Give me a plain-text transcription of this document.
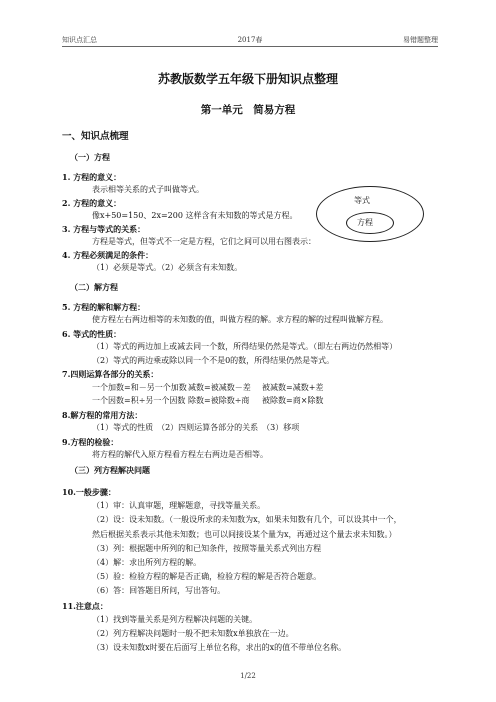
知识点汇总	2017春	易错题整理
苏教版数学五年级下册知识点整理
第一单元　简易方程
一、知识点梳理
（一）方程
1. 方程的意义：
表示相等关系的式子叫做等式。
2. 方程的意义：
像x+50=150、2x=200 这样含有未知数的等式是方程。
3. 方程与等式的关系：
方程是等式，但等式不一定是方程，它们之间可以用右图表示：
4. 方程必须满足的条件：
（1）必须是等式。（2）必须含有未知数。
等式
方程
（二）解方程
5. 方程的解和解方程：
使方程左右两边相等的未知数的值，叫做方程的解。求方程的解的过程叫做解方程。
6. 等式的性质：
（1）等式的两边加上或减去同一个数，所得结果仍然是等式。（即左右两边仍然相等）
（2）等式的两边乘或除以同一个不是0的数，所得结果仍然是等式。
7.四则运算各部分的关系：
一个加数=和－另一个加数 减数=被减数－差 被减数=减数+差
一个因数=积÷另一个因数 除数=被除数÷商 被除数=商×除数
8.解方程的常用方法：
（1）等式的性质　（2）四则运算各部分的关系　（3）移项
9.方程的检验：
将方程的解代入原方程看方程左右两边是否相等。
（三）列方程解决问题
10.一般步骤：
（1）审：认真审题，理解题意，寻找等量关系。
（2）设：设未知数。（一般设所求的未知数为x，如果未知数有几个，可以设其中一个，
然后根据关系表示其他未知数；也可以间接设某个量为x，再通过这个量去求未知数。）
（3）列：根据题中所列的和已知条件，按照等量关系式列出方程
（4）解：求出所列方程的解。
（5）验：检验方程的解是否正确，检验方程的解是否符合题意。
（6）答：回答题目所问，写出答句。
11.注意点：
（1）找到等量关系是列方程解决问题的关键。
（2）列方程解决问题时一般不把未知数x单独放在一边。
（3）设未知数x时要在后面写上单位名称，求出的x的值不带单位名称。
1/22
